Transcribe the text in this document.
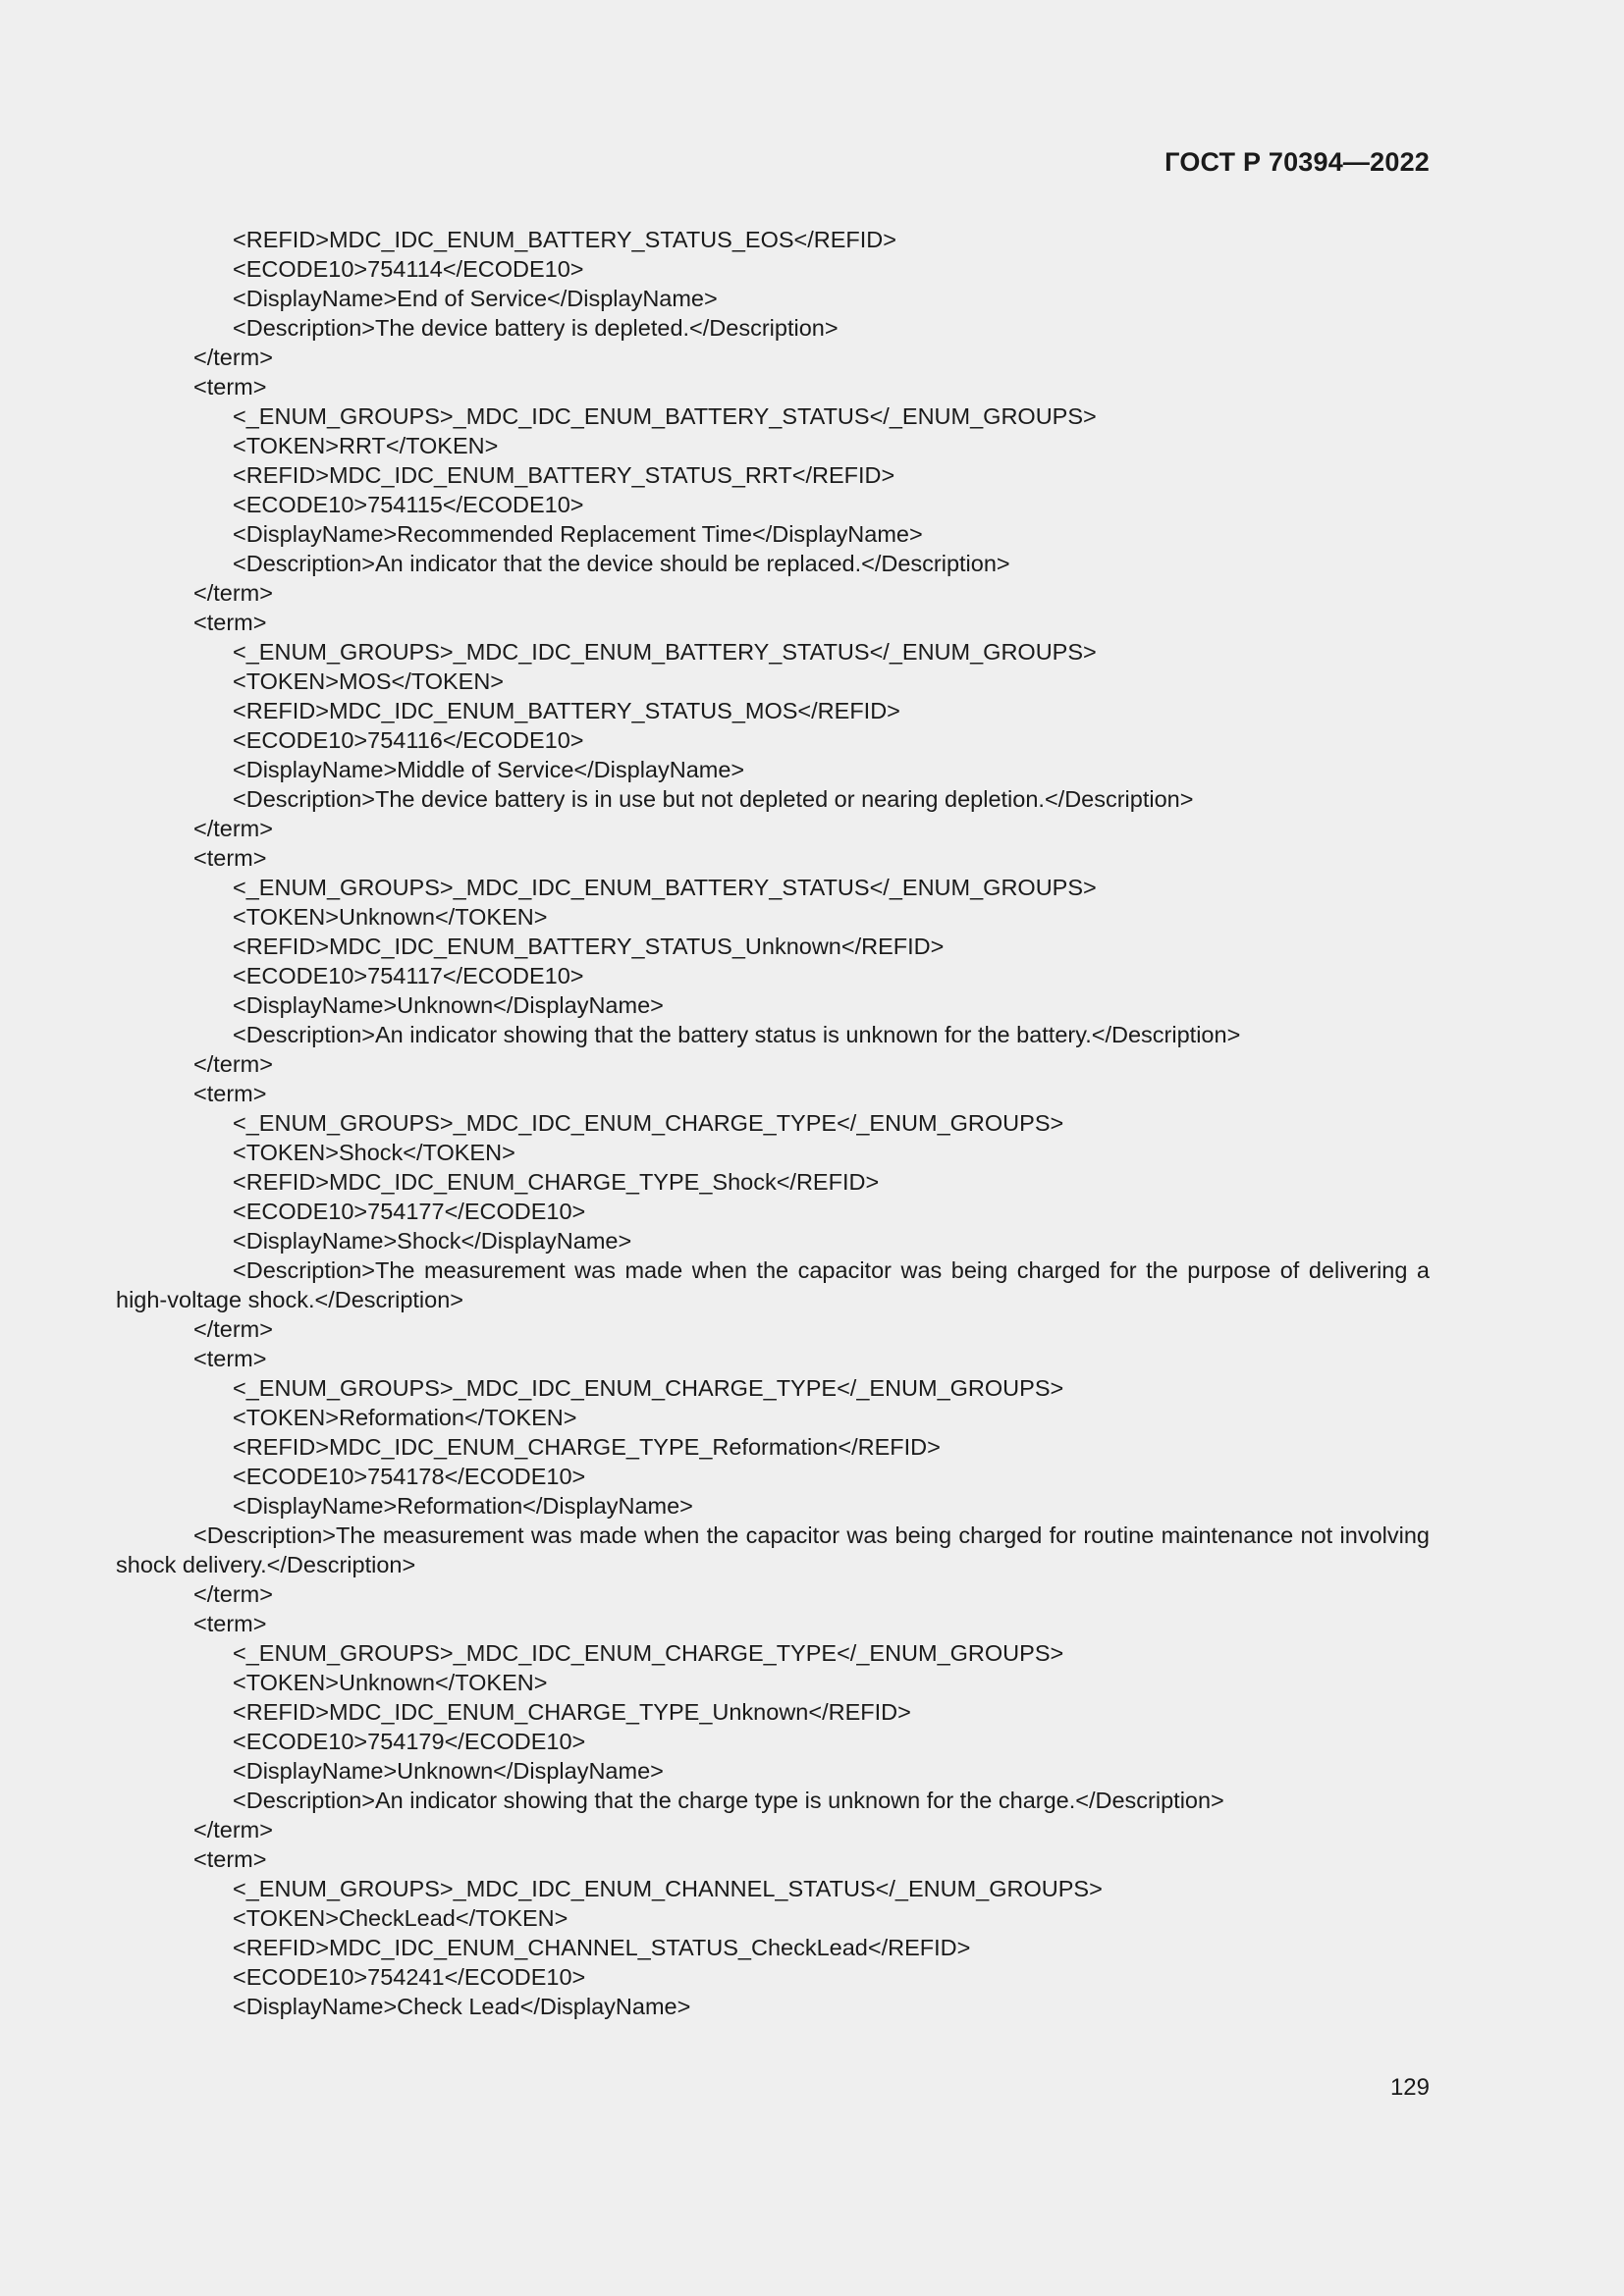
ГОСТ Р 70394—2022
<REFID>MDC_IDC_ENUM_BATTERY_STATUS_EOS</REFID>
<ECODE10>754114</ECODE10>
<DisplayName>End of Service</DisplayName>
<Description>The device battery is depleted.</Description>
</term>
<term>
<_ENUM_GROUPS>_MDC_IDC_ENUM_BATTERY_STATUS</_ENUM_GROUPS>
<TOKEN>RRT</TOKEN>
<REFID>MDC_IDC_ENUM_BATTERY_STATUS_RRT</REFID>
<ECODE10>754115</ECODE10>
<DisplayName>Recommended Replacement Time</DisplayName>
<Description>An indicator that the device should be replaced.</Description>
</term>
<term>
<_ENUM_GROUPS>_MDC_IDC_ENUM_BATTERY_STATUS</_ENUM_GROUPS>
<TOKEN>MOS</TOKEN>
<REFID>MDC_IDC_ENUM_BATTERY_STATUS_MOS</REFID>
<ECODE10>754116</ECODE10>
<DisplayName>Middle of Service</DisplayName>
<Description>The device battery is in use but not depleted or nearing depletion.</Description>
</term>
<term>
<_ENUM_GROUPS>_MDC_IDC_ENUM_BATTERY_STATUS</_ENUM_GROUPS>
<TOKEN>Unknown</TOKEN>
<REFID>MDC_IDC_ENUM_BATTERY_STATUS_Unknown</REFID>
<ECODE10>754117</ECODE10>
<DisplayName>Unknown</DisplayName>
<Description>An indicator showing that the battery status is unknown for the battery.</Description>
</term>
<term>
<_ENUM_GROUPS>_MDC_IDC_ENUM_CHARGE_TYPE</_ENUM_GROUPS>
<TOKEN>Shock</TOKEN>
<REFID>MDC_IDC_ENUM_CHARGE_TYPE_Shock</REFID>
<ECODE10>754177</ECODE10>
<DisplayName>Shock</DisplayName>
<Description>The measurement was made when the capacitor was being charged for the purpose of delivering a high-voltage shock.</Description>
</term>
<term>
<_ENUM_GROUPS>_MDC_IDC_ENUM_CHARGE_TYPE</_ENUM_GROUPS>
<TOKEN>Reformation</TOKEN>
<REFID>MDC_IDC_ENUM_CHARGE_TYPE_Reformation</REFID>
<ECODE10>754178</ECODE10>
<DisplayName>Reformation</DisplayName>
<Description>The measurement was made when the capacitor was being charged for routine maintenance not involving shock delivery.</Description>
</term>
<term>
<_ENUM_GROUPS>_MDC_IDC_ENUM_CHARGE_TYPE</_ENUM_GROUPS>
<TOKEN>Unknown</TOKEN>
<REFID>MDC_IDC_ENUM_CHARGE_TYPE_Unknown</REFID>
<ECODE10>754179</ECODE10>
<DisplayName>Unknown</DisplayName>
<Description>An indicator showing that the charge type is unknown for the charge.</Description>
</term>
<term>
<_ENUM_GROUPS>_MDC_IDC_ENUM_CHANNEL_STATUS</_ENUM_GROUPS>
<TOKEN>CheckLead</TOKEN>
<REFID>MDC_IDC_ENUM_CHANNEL_STATUS_CheckLead</REFID>
<ECODE10>754241</ECODE10>
<DisplayName>Check Lead</DisplayName>
129
